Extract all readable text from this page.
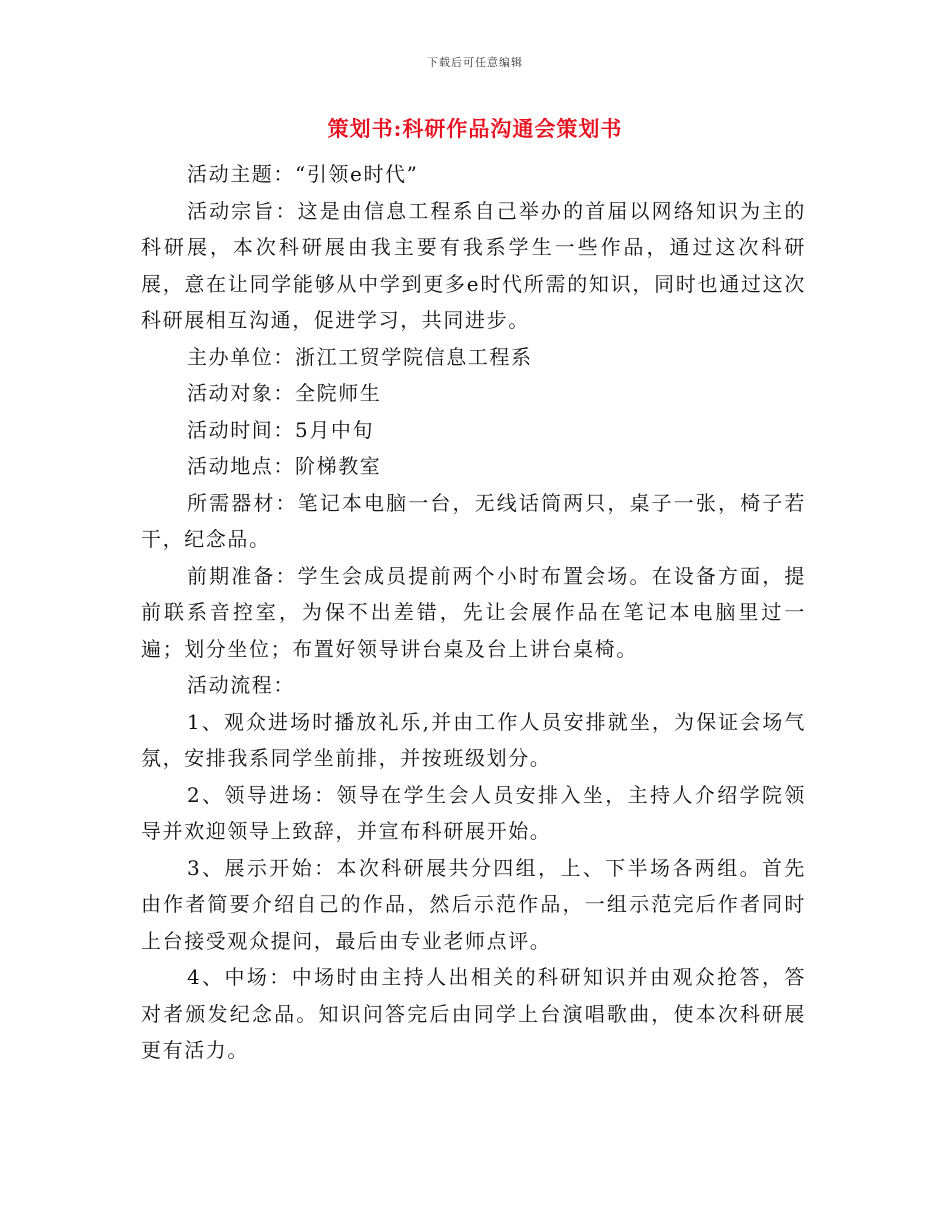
下载后可任意编辑
策划书:科研作品沟通会策划书

活动主题：“引领e时代”

活动宗旨：这是由信息工程系自己举办的首届以网络知识为主的科研展，本次科研展由我主要有我系学生一些作品，通过这次科研展，意在让同学能够从中学到更多e时代所需的知识，同时也通过这次科研展相互沟通，促进学习，共同进步。

主办单位：浙江工贸学院信息工程系

活动对象：全院师生

活动时间：5月中旬

活动地点：阶梯教室

所需器材：笔记本电脑一台，无线话筒两只，桌子一张，椅子若干，纪念品。

前期准备：学生会成员提前两个小时布置会场。在设备方面，提前联系音控室，为保不出差错，先让会展作品在笔记本电脑里过一遍；划分坐位；布置好领导讲台桌及台上讲台桌椅。

活动流程：

1、观众进场时播放礼乐,并由工作人员安排就坐，为保证会场气氛，安排我系同学坐前排，并按班级划分。

2、领导进场：领导在学生会人员安排入坐，主持人介绍学院领导并欢迎领导上致辞，并宣布科研展开始。

3、展示开始：本次科研展共分四组，上、下半场各两组。首先由作者简要介绍自己的作品，然后示范作品，一组示范完后作者同时上台接受观众提问，最后由专业老师点评。

4、中场：中场时由主持人出相关的科研知识并由观众抢答，答对者颁发纪念品。知识问答完后由同学上台演唱歌曲，使本次科研展更有活力。
